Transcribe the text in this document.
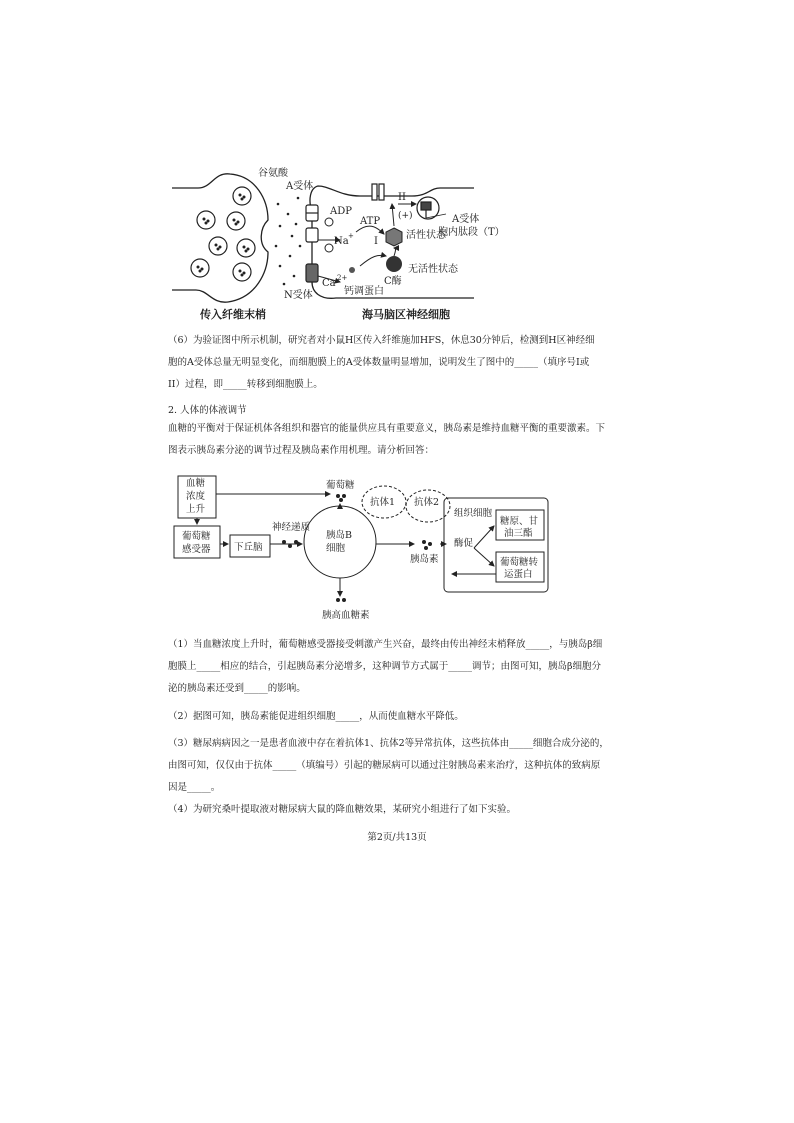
谷氨酸
A受体
ADP
ATP
Na +
II
I
(+)
活性状态
无活性状态
C酶
Ca 2+
钙调蛋白
N受体
A受体
胞内肽段（T）
传入纤维末梢	海马脑区神经细胞

（6）为验证图中所示机制，研究者对小鼠H区传入纤维施加HFS，休息30分钟后，检测到H区神经细
胞的A受体总量无明显变化，而细胞膜上的A受体数量明显增加，说明发生了图中的_____（填序号I或
II）过程，即_____转移到细胞膜上。

2. 人体的体液调节

血糖的平衡对于保证机体各组织和器官的能量供应具有重要意义，胰岛素是维持血糖平衡的重要激素。下
图表示胰岛素分泌的调节过程及胰岛素作用机理。请分析回答：

血糖
浓度
上升
葡萄糖
感受器 下丘脑
神经递质
葡萄糖
抗体1 抗体2
胰岛B
细胞
胰岛素
胰高血糖素
组织细胞
酶促
糖原、甘
油三酯
葡萄糖转
运蛋白

（1）当血糖浓度上升时，葡萄糖感受器接受刺激产生兴奋，最终由传出神经末梢释放_____，与胰岛β细
胞膜上_____相应的结合，引起胰岛素分泌增多，这种调节方式属于_____调节；由图可知，胰岛β细胞分
泌的胰岛素还受到_____的影响。

（2）据图可知，胰岛素能促进组织细胞_____，从而使血糖水平降低。

（3）糖尿病病因之一是患者血液中存在着抗体1、抗体2等异常抗体，这些抗体由_____细胞合成分泌的，
由图可知，仅仅由于抗体_____（填编号）引起的糖尿病可以通过注射胰岛素来治疗，这种抗体的致病原
因是_____。

（4）为研究桑叶提取液对糖尿病大鼠的降血糖效果，某研究小组进行了如下实验。

第2页/共13页
